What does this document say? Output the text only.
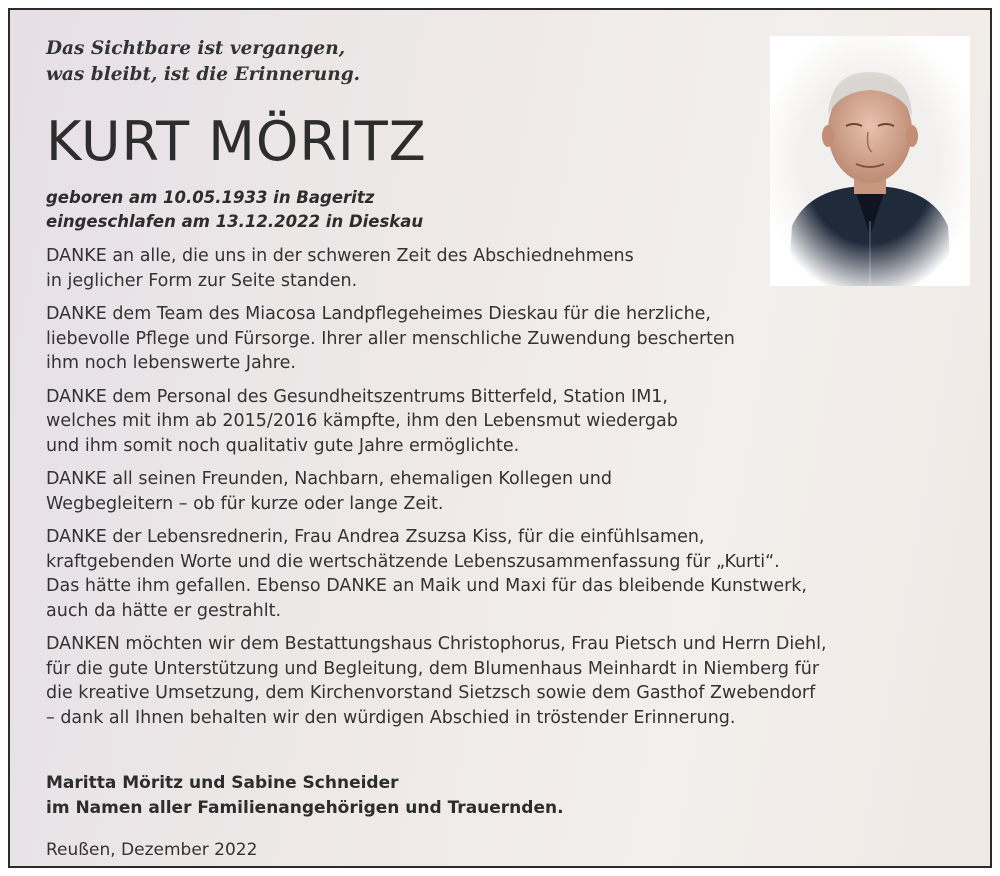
Das Sichtbare ist vergangen,
was bleibt, ist die Erinnerung.
KURT MÖRITZ
geboren am 10.05.1933 in Bageritz
eingeschlafen am 13.12.2022 in Dieskau
DANKE an alle, die uns in der schweren Zeit des Abschiednehmens
in jeglicher Form zur Seite standen.
DANKE dem Team des Miacosa Landpflegeheimes Dieskau für die herzliche,
liebevolle Pflege und Fürsorge. Ihrer aller menschliche Zuwendung bescherten
ihm noch lebenswerte Jahre.
DANKE dem Personal des Gesundheitszentrums Bitterfeld, Station IM1,
welches mit ihm ab 2015/2016 kämpfte, ihm den Lebensmut wiedergab
und ihm somit noch qualitativ gute Jahre ermöglichte.
DANKE all seinen Freunden, Nachbarn, ehemaligen Kollegen und
Wegbegleitern – ob für kurze oder lange Zeit.
DANKE der Lebensrednerin, Frau Andrea Zsuzsa Kiss, für die einfühlsamen,
kraftgebenden Worte und die wertschätzende Lebenszusammenfassung für „Kurti“.
Das hätte ihm gefallen. Ebenso DANKE an Maik und Maxi für das bleibende Kunstwerk,
auch da hätte er gestrahlt.
DANKEN möchten wir dem Bestattungshaus Christophorus, Frau Pietsch und Herrn Diehl,
für die gute Unterstützung und Begleitung, dem Blumenhaus Meinhardt in Niemberg für
die kreative Umsetzung, dem Kirchenvorstand Sietzsch sowie dem Gasthof Zwebendorf
– dank all Ihnen behalten wir den würdigen Abschied in tröstender Erinnerung.
Maritta Möritz und Sabine Schneider
im Namen aller Familienangehörigen und Trauernden.
Reußen, Dezember 2022
